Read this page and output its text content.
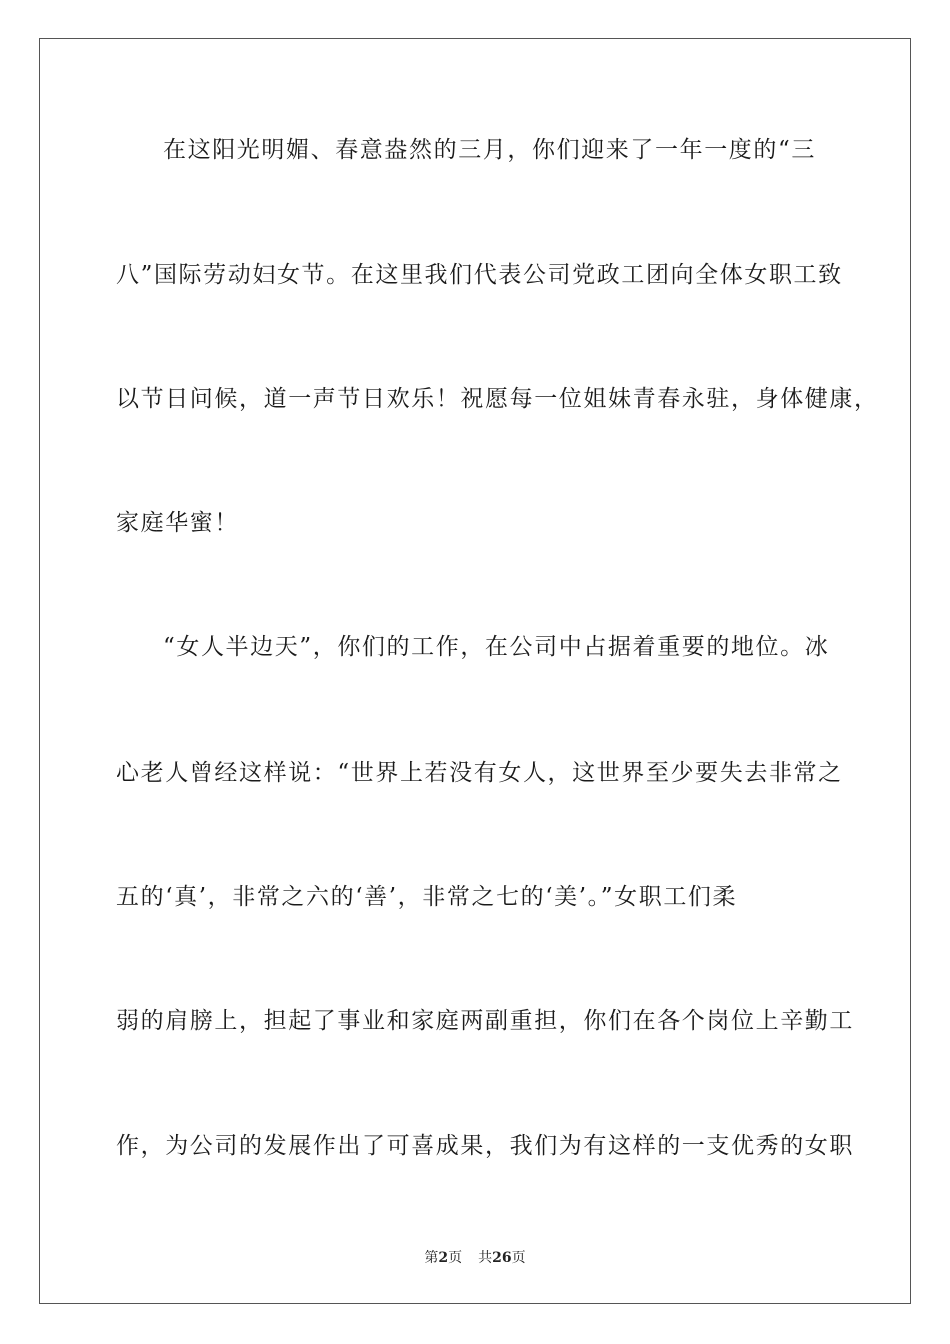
在这阳光明媚、春意盎然的三月，你们迎来了一年一度的“三
八”国际劳动妇女节。在这里我们代表公司党政工团向全体女职工致
以节日问候，道一声节日欢乐！祝愿每一位姐妹青春永驻，身体健康，
家庭华蜜！
“女人半边天”，你们的工作，在公司中占据着重要的地位。冰
心老人曾经这样说：“世界上若没有女人，这世界至少要失去非常之
五的‘真’，非常之六的‘善’，非常之七的‘美’。”女职工们柔
弱的肩膀上，担起了事业和家庭两副重担，你们在各个岗位上辛勤工
作，为公司的发展作出了可喜成果，我们为有这样的一支优秀的女职
第2页 共26页
